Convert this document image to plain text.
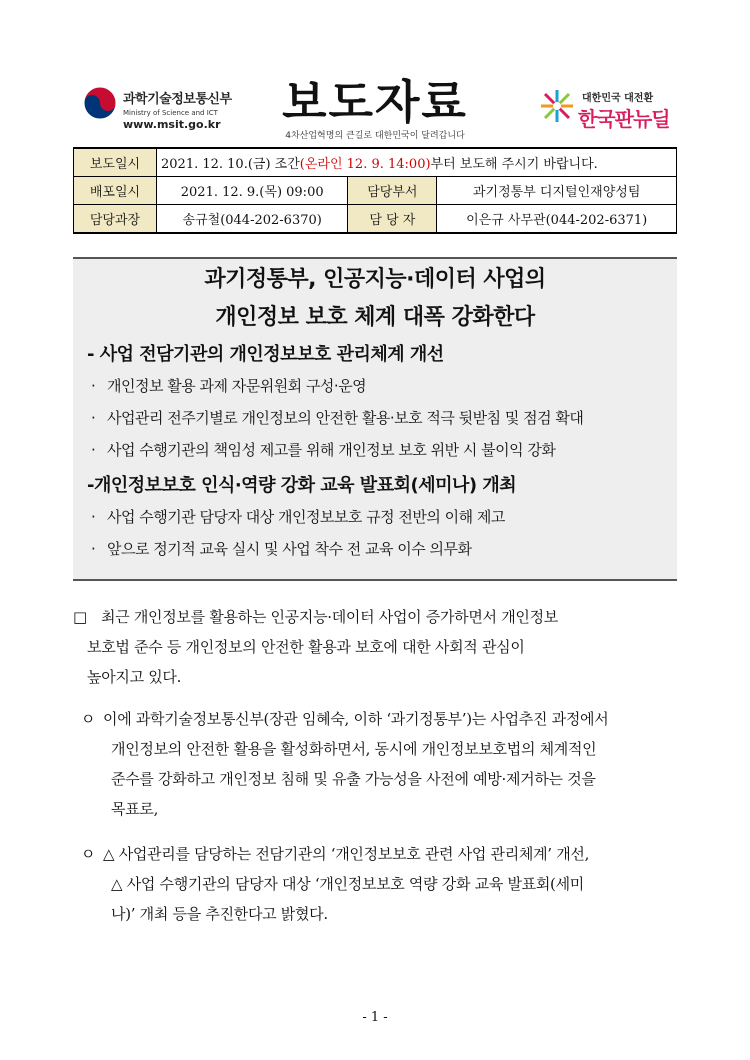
과학기술정보통신부
Ministry of Science and ICT
www.msit.go.kr	보도자료
4차산업혁명의 큰길로 대한민국이 달려갑니다
대한민국 대전환
한국판뉴딜
보도일시	2021. 12. 10.(금) 조간(온라인 12. 9. 14:00)부터 보도해 주시기 바랍니다.		
배포일시	2021. 12. 9.(목) 09:00	담당부서	과기정통부 디지털인재양성팀
담당과장	송규철(044-202-6370)	담 당 자	이은규 사무관(044-202-6371)
과기정통부, 인공지능·데이터 사업의
개인정보 보호 체계 대폭 강화한다
- 사업 전담기관의 개인정보보호 관리체계 개선
· 개인정보 활용 과제 자문위원회 구성·운영
· 사업관리 전주기별로 개인정보의 안전한 활용·보호 적극 뒷받침 및 점검 확대
· 사업 수행기관의 책임성 제고를 위해 개인정보 보호 위반 시 불이익 강화
-개인정보보호 인식·역량 강화 교육 발표회(세미나) 개최
· 사업 수행기관 담당자 대상 개인정보보호 규정 전반의 이해 제고
· 앞으로 정기적 교육 실시 및 사업 착수 전 교육 이수 의무화
□ 최근 개인정보를 활용하는 인공지능·데이터 사업이 증가하면서 개인정보
보호법 준수 등 개인정보의 안전한 활용과 보호에 대한 사회적 관심이
높아지고 있다.
ㅇ 이에 과학기술정보통신부(장관 임혜숙, 이하 ‘과기정통부’)는 사업추진 과정에서
개인정보의 안전한 활용을 활성화하면서, 동시에 개인정보보호법의 체계적인
준수를 강화하고 개인정보 침해 및 유출 가능성을 사전에 예방·제거하는 것을
목표로,
ㅇ △ 사업관리를 담당하는 전담기관의 ‘개인정보보호 관련 사업 관리체계’ 개선,
△ 사업 수행기관의 담당자 대상 ‘개인정보보호 역량 강화 교육 발표회(세미
나)’ 개최 등을 추진한다고 밝혔다.
- 1 -
